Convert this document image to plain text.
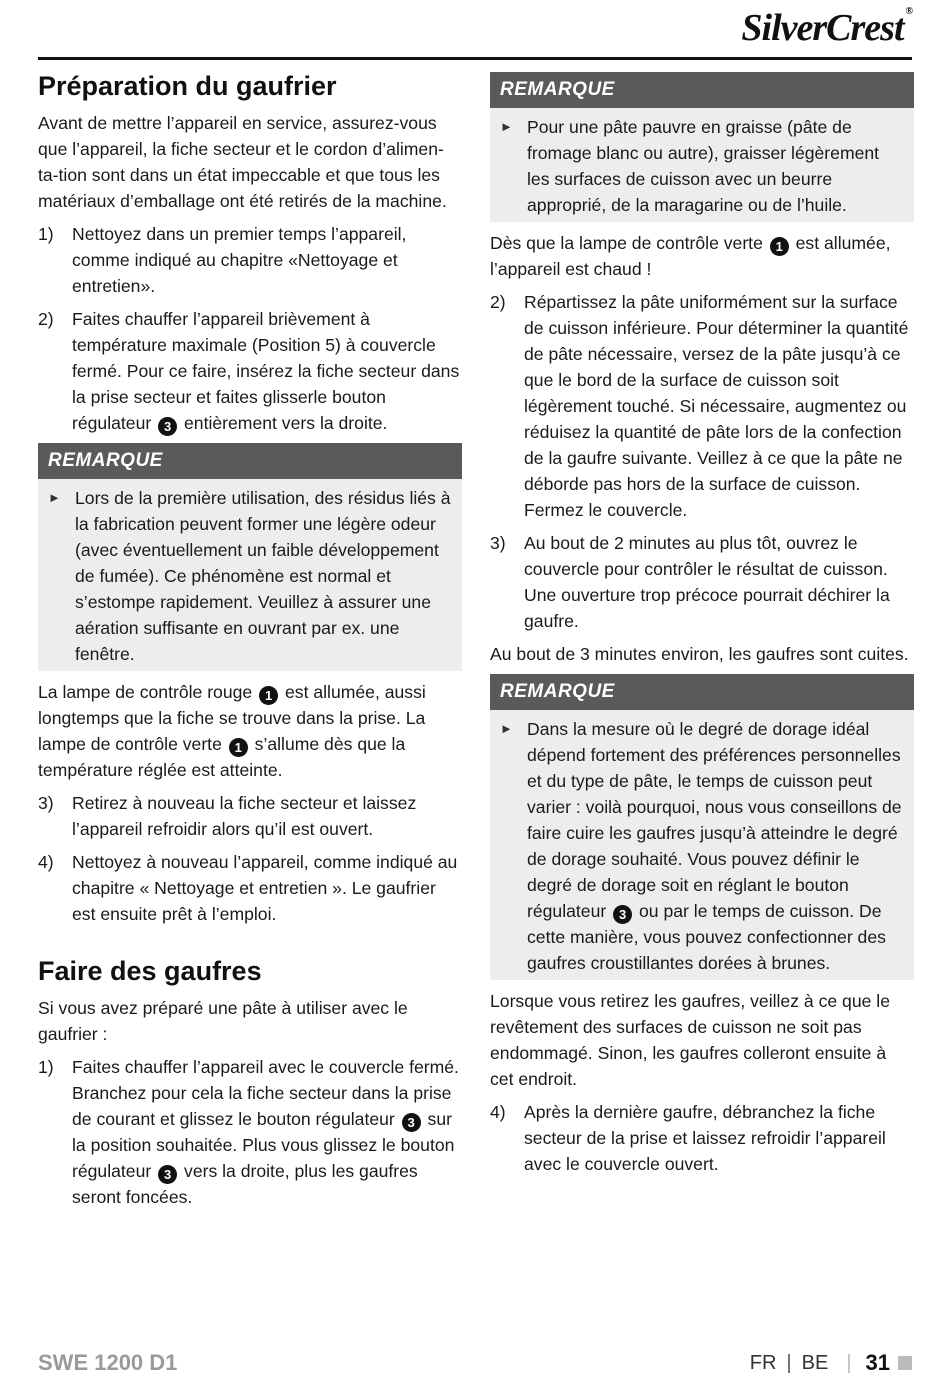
SilverCrest ®
Préparation du gaufrier

Avant de mettre l’appareil en service, assurez-vous que l’appareil, la fiche secteur et le cordon d’alimen-ta-tion sont dans un état impeccable et que tous les matériaux d’emballage ont été retirés de la machine.

1)	Nettoyez dans un premier temps l’appareil, comme indiqué au chapitre «Nettoyage et entretien».
2)	Faites chauffer l’appareil brièvement à température maximale (Position 5) à couvercle fermé. Pour ce faire, insérez la fiche secteur dans la prise secteur et faites glisserle bouton régulateur 3 entièrement vers la droite.
REMARQUE
► Lors de la première utilisation, des résidus liés à la fabrication peuvent former une légère odeur (avec éventuellement un faible développement de fumée). Ce phénomène est normal et s’estompe rapidement. Veuillez à assurer une aération suffisante en ouvrant par ex. une fenêtre.

La lampe de contrôle rouge 1 est allumée, aussi longtemps que la fiche se trouve dans la prise. La lampe de contrôle verte 1 s’allume dès que la température réglée est atteinte.

3)	Retirez à nouveau la fiche secteur et laissez l’appareil refroidir alors qu’il est ouvert.
4)	Nettoyez à nouveau l’appareil, comme indiqué au chapitre « Nettoyage et entretien ». Le gaufrier est ensuite prêt à l’emploi.
Faire des gaufres

Si vous avez préparé une pâte à utiliser avec le gaufrier :

1)	Faites chauffer l’appareil avec le couvercle fermé. Branchez pour cela la fiche secteur dans la prise de courant et glissez le bouton régulateur 3 sur la position souhaitée. Plus vous glissez le bouton régulateur 3 vers la droite, plus les gaufres seront foncées.
REMARQUE
► Pour une pâte pauvre en graisse (pâte de fromage blanc ou autre), graisser légèrement les surfaces de cuisson avec un beurre approprié, de la maragarine ou de l’huile.

Dès que la lampe de contrôle verte 1 est allumée, l’appareil est chaud !

2)	Répartissez la pâte uniformément sur la surface de cuisson inférieure. Pour déterminer la quantité de pâte nécessaire, versez de la pâte jusqu’à ce que le bord de la surface de cuisson soit légèrement touché. Si nécessaire, augmentez ou réduisez la quantité de pâte lors de la confection de la gaufre suivante. Veillez à ce que la pâte ne déborde pas hors de la surface de cuisson. Fermez le couvercle.
3)	Au bout de 2 minutes au plus tôt, ouvrez le couvercle pour contrôler le résultat de cuisson. Une ouverture trop précoce pourrait déchirer la gaufre.

Au bout de 3 minutes environ, les gaufres sont cuites.

REMARQUE
► Dans la mesure où le degré de dorage idéal dépend fortement des préférences personnelles et du type de pâte, le temps de cuisson peut varier : voilà pourquoi, nous vous conseillons de faire cuire les gaufres jusqu’à atteindre le degré de dorage souhaité. Vous pouvez définir le degré de dorage soit en réglant le bouton régulateur 3 ou par le temps de cuisson. De cette manière, vous pouvez confectionner des gaufres croustillantes dorées à brunes.

Lorsque vous retirez les gaufres, veillez à ce que le revêtement des surfaces de cuisson ne soit pas endommagé. Sinon, les gaufres colleront ensuite à cet endroit.

4)	Après la dernière gaufre, débranchez la fiche secteur de la prise et laissez refroidir l’appareil avec le couvercle ouvert.
SWE 1200 D1	FR | BE | 31
